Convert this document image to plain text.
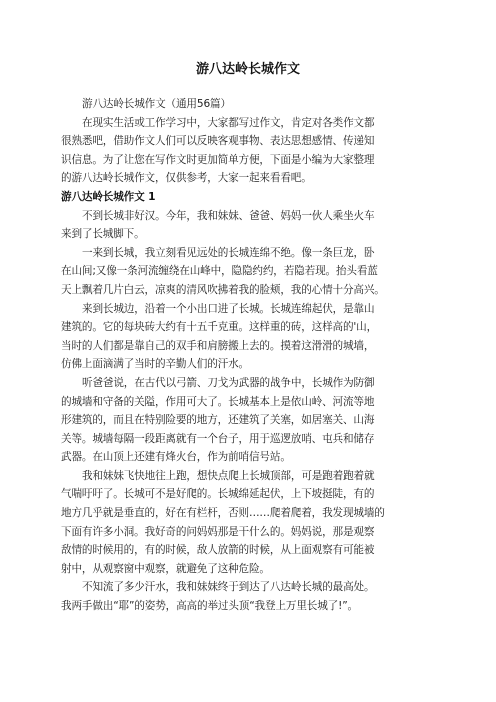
游八达岭长城作文
游八达岭长城作文（通用56篇）
在现实生活或工作学习中，大家都写过作文，肯定对各类作文都
很熟悉吧，借助作文人们可以反映客观事物、表达思想感情、传递知
识信息。为了让您在写作文时更加简单方便，下面是小编为大家整理
的游八达岭长城作文，仅供参考，大家一起来看看吧。
游八达岭长城作文 1
不到长城非好汉。今年，我和妹妹、爸爸、妈妈一伙人乘坐火车
来到了长城脚下。
一来到长城，我立刻看见远处的长城连绵不绝。像一条巨龙，卧
在山间;又像一条河流缠绕在山峰中，隐隐约约，若隐若现。抬头看蓝
天上飘着几片白云，凉爽的清风吹拂着我的脸颊，我的心情十分高兴。
来到长城边，沿着一个小出口进了长城。长城连绵起伏，是靠山
建筑的。它的每块砖大约有十五千克重。这样重的砖，这样高的'山，
当时的人们都是靠自己的双手和肩膀搬上去的。摸着这滑滑的城墙，
仿佛上面滴满了当时的辛勤人们的汗水。
听爸爸说，在古代以弓箭、刀戈为武器的战争中，长城作为防御
的城墙和守备的关隘，作用可大了。长城基本上是依山岭、河流等地
形建筑的，而且在特别险要的地方，还建筑了关塞，如居塞关、山海
关等。城墙每隔一段距离就有一个台子，用于巡逻放哨、屯兵和储存
武器。在山顶上还建有烽火台，作为前哨信号站。
我和妹妹飞快地往上跑，想快点爬上长城顶部，可是跑着跑着就
气喘吁吁了。长城可不是好爬的。长城绵延起伏，上下坡挺陡，有的
地方几乎就是垂直的，好在有栏杆，否则……爬着爬着，我发现城墙的
下面有许多小洞。我好奇的问妈妈那是干什么的。妈妈说，那是观察
敌情的时候用的，有的时候，敌人放箭的时候，从上面观察有可能被
射中，从观察窗中观察，就避免了这种危险。
不知流了多少汗水，我和妹妹终于到达了八达岭长城的最高处。
我两手做出“耶”的姿势，高高的举过头顶“我登上万里长城了!”。
